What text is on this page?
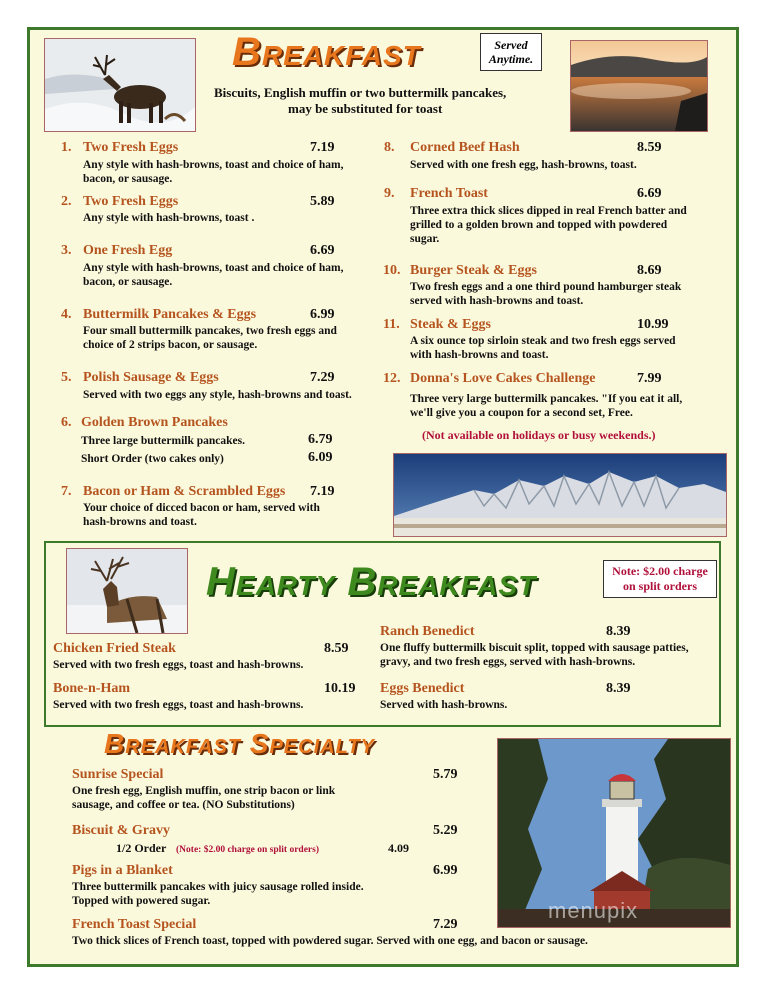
Breakfast	Served Anytime.
Biscuits, English muffin or two buttermilk pancakes,
may be substituted for toast
1. Two Fresh Eggs	7.19
Any style with hash-browns, toast and choice of ham,
bacon, or sausage.
2. Two Fresh Eggs	5.89
Any style with hash-browns, toast .
3. One Fresh Egg	6.69
Any style with hash-browns, toast and choice of ham,
bacon, or sausage.
4. Buttermilk Pancakes & Eggs	6.99
Four small buttermilk pancakes, two fresh eggs and
choice of 2 strips bacon, or sausage.
5. Polish Sausage & Eggs	7.29
Served with two eggs any style, hash-browns and toast.
6. Golden Brown Pancakes
Three large buttermilk pancakes.	6.79
Short Order (two cakes only)	6.09
7. Bacon or Ham & Scrambled Eggs 7.19
Your choice of dicced bacon or ham, served with
hash-browns and toast.
8. Corned Beef Hash	8.59
Served with one fresh egg, hash-browns, toast.
9. French Toast	6.69
Three extra thick slices dipped in real French batter and
grilled to a golden brown and topped with powdered
sugar.
10. Burger Steak & Eggs	8.69
Two fresh eggs and a one third pound hamburger steak
served with hash-browns and toast.
11. Steak & Eggs	10.99
A six ounce top sirloin steak and two fresh eggs served
with hash-browns and toast.
12. Donna's Love Cakes Challenge	7.99
Three very large buttermilk pancakes. "If you eat it all,
we'll give you a coupon for a second set, Free.
(Not available on holidays or busy weekends.)
Hearty Breakfast	Note: $2.00 charge
on split orders
Chicken Fried Steak	8.59
Served with two fresh eggs, toast and hash-browns.
Bone-n-Ham	10.19
Served with two fresh eggs, toast and hash-browns.
Ranch Benedict	8.39
One fluffy buttermilk biscuit split, topped with sausage patties,
gravy, and two fresh eggs, served with hash-browns.
Eggs Benedict	8.39
Served with hash-browns.
Breakfast Specialty
Sunrise Special	5.79
One fresh egg, English muffin, one strip bacon or link
sausage, and coffee or tea. (NO Substitutions)
Biscuit & Gravy	5.29
1/2 Order (Note: $2.00 charge on split orders)	4.09
Pigs in a Blanket	6.99
Three buttermilk pancakes with juicy sausage rolled inside.
Topped with powered sugar.
French Toast Special	7.29
Two thick slices of French toast, topped with powdered sugar. Served with one egg, and bacon or sausage.
menupix
